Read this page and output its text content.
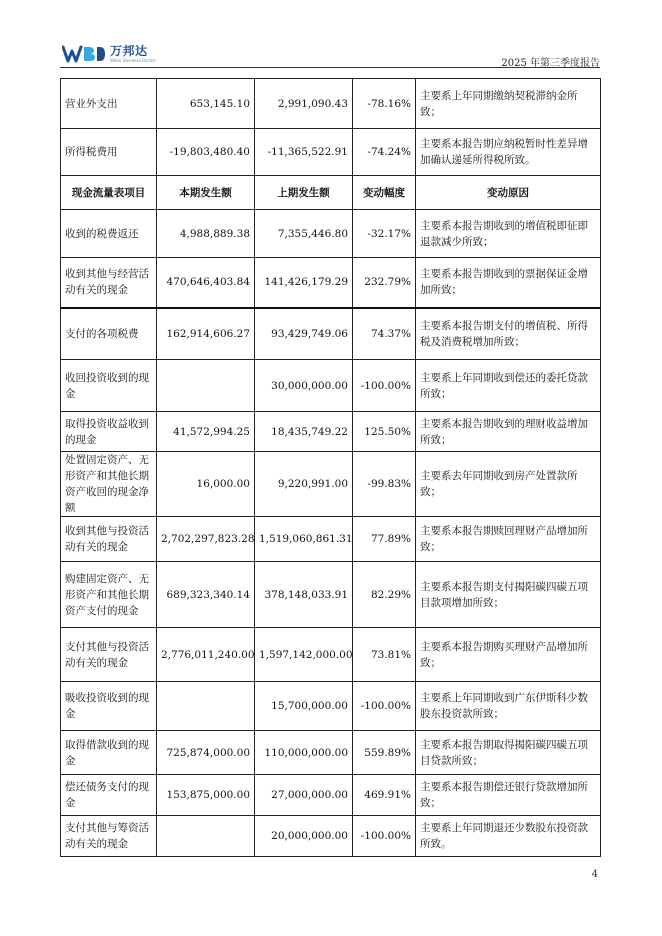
万邦达
Water Business Doctor	2025 年第三季度报告
营业外支出	653,145.10	2,991,090.43	-78.16%	主要系上年同期缴纳契税滞纳金所致；
所得税费用	-19,803,480.40	-11,365,522.91	-74.24%	主要系本报告期应纳税暂时性差异增加确认递延所得税所致。
现金流量表项目	本期发生额	上期发生额	变动幅度	变动原因
收到的税费返还	4,988,889.38	7,355,446.80	-32.17%	主要系本报告期收到的增值税即征即退款减少所致；
收到其他与经营活动有关的现金	470,646,403.84	141,426,179.29	232.79%	主要系本报告期收到的票据保证金增加所致；
支付的各项税费	162,914,606.27	93,429,749.06	74.37%	主要系本报告期支付的增值税、所得税及消费税增加所致；
收回投资收到的现金		30,000,000.00	-100.00%	主要系上年同期收到偿还的委托贷款所致；
取得投资收益收到的现金	41,572,994.25	18,435,749.22	125.50%	主要系本报告期收到的理财收益增加所致；
处置固定资产、无形资产和其他长期资产收回的现金净额	16,000.00	9,220,991.00	-99.83%	主要系去年同期收到房产处置款所致；
收到其他与投资活动有关的现金	2,702,297,823.28	1,519,060,861.31	77.89%	主要系本报告期赎回理财产品增加所致；
购建固定资产、无形资产和其他长期资产支付的现金	689,323,340.14	378,148,033.91	82.29%	主要系本报告期支付揭阳碳四碳五项目款项增加所致；
支付其他与投资活动有关的现金	2,776,011,240.00	1,597,142,000.00	73.81%	主要系本报告期购买理财产品增加所致；
吸收投资收到的现金		15,700,000.00	-100.00%	主要系上年同期收到广东伊斯科少数股东投资款所致；
取得借款收到的现金	725,874,000.00	110,000,000.00	559.89%	主要系本报告期取得揭阳碳四碳五项目贷款所致；
偿还债务支付的现金	153,875,000.00	27,000,000.00	469.91%	主要系本报告期偿还银行贷款增加所致；
支付其他与筹资活动有关的现金		20,000,000.00	-100.00%	主要系上年同期退还少数股东投资款所致。
4
